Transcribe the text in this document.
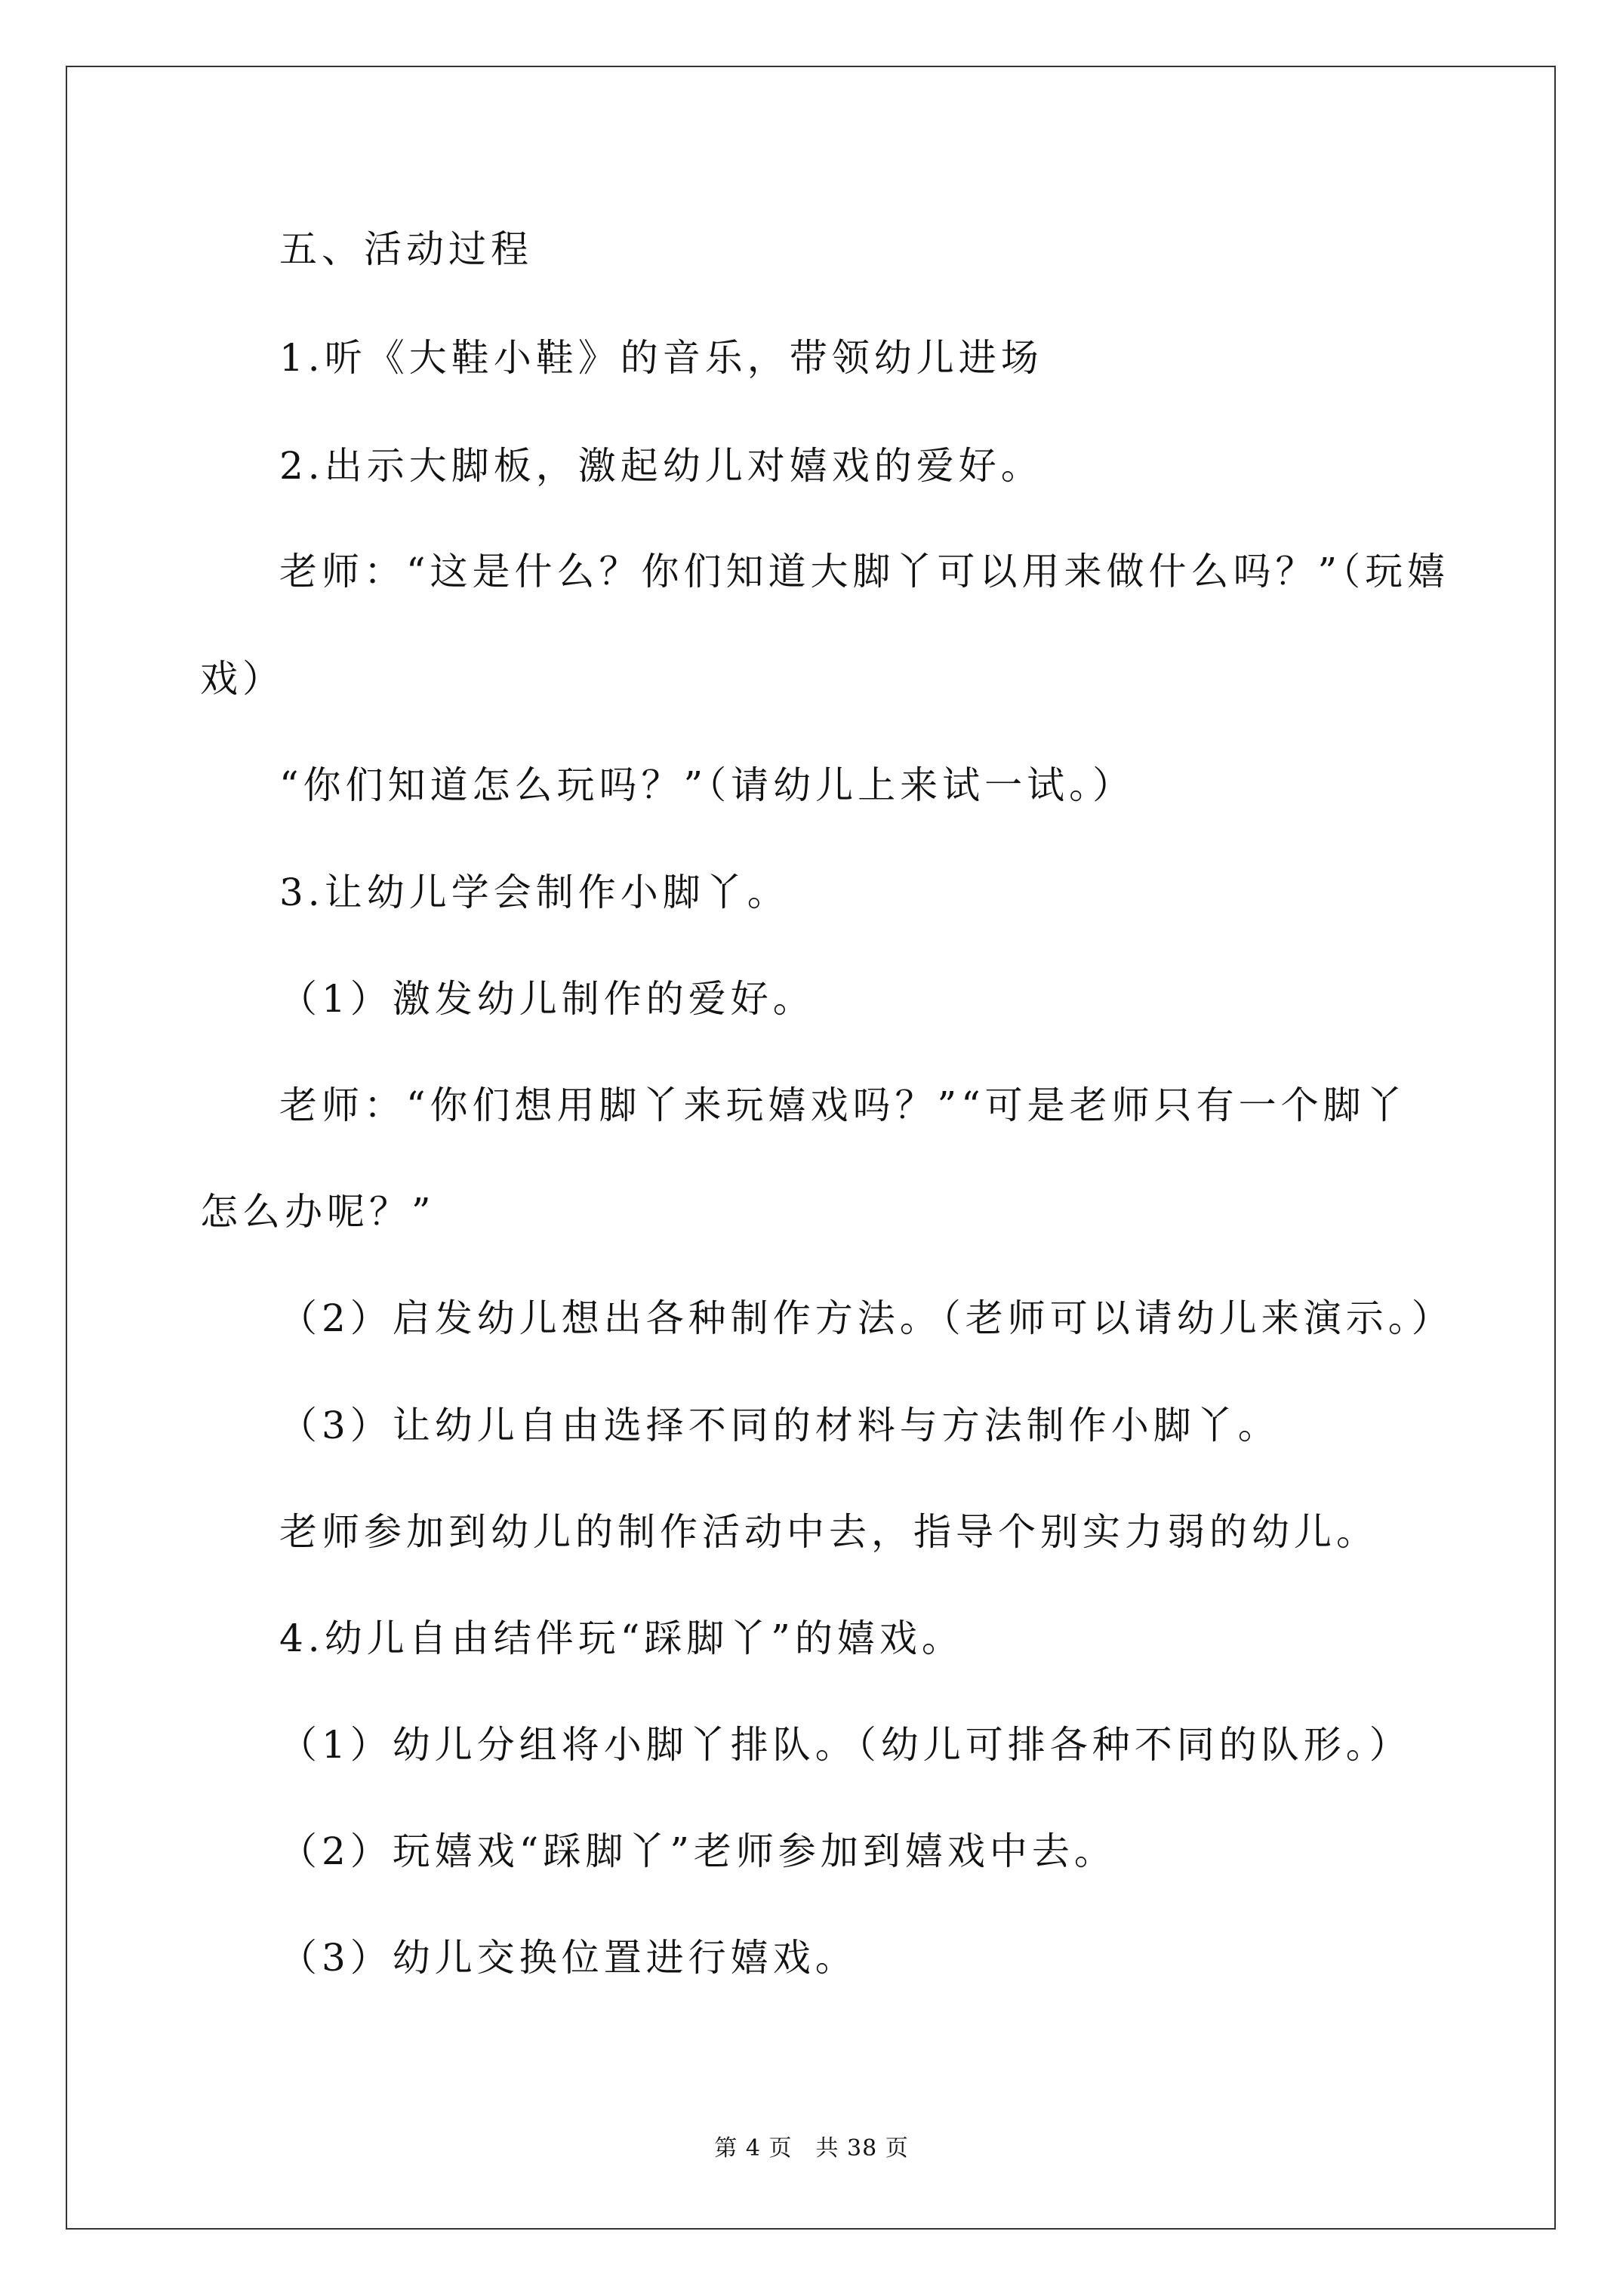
五、活动过程
1.听《大鞋小鞋》的音乐，带领幼儿进场
2.出示大脚板，激起幼儿对嬉戏的爱好。
老师：“这是什么？你们知道大脚丫可以用来做什么吗？”（玩嬉
戏）
“你们知道怎么玩吗？”（请幼儿上来试一试。）
3.让幼儿学会制作小脚丫。
（1）激发幼儿制作的爱好。
老师：“你们想用脚丫来玩嬉戏吗？”“可是老师只有一个脚丫
怎么办呢？”
（2）启发幼儿想出各种制作方法。（老师可以请幼儿来演示。）
（3）让幼儿自由选择不同的材料与方法制作小脚丫。
老师参加到幼儿的制作活动中去，指导个别实力弱的幼儿。
4.幼儿自由结伴玩“踩脚丫”的嬉戏。
（1）幼儿分组将小脚丫排队。（幼儿可排各种不同的队形。）
（2）玩嬉戏“踩脚丫”老师参加到嬉戏中去。
（3）幼儿交换位置进行嬉戏。
第 4 页　共 38 页
